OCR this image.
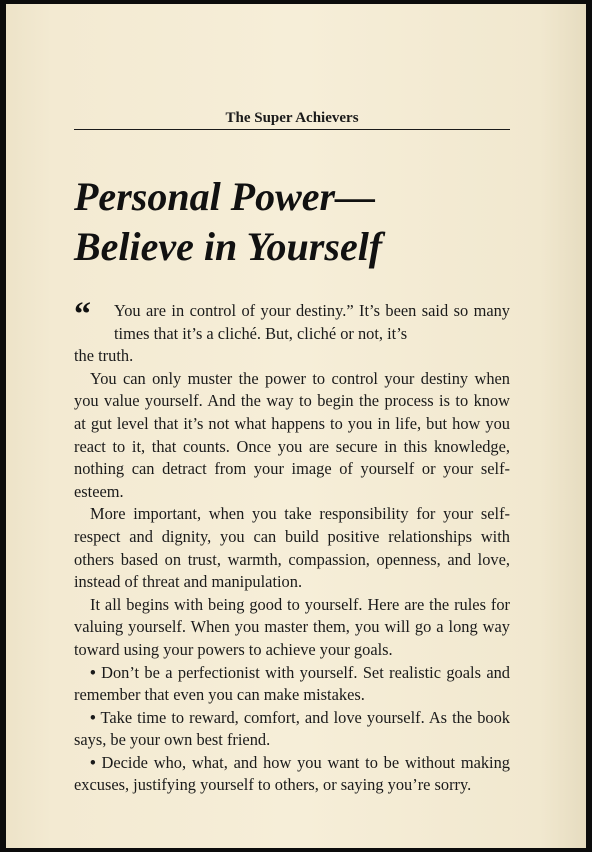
The Super Achievers
Personal Power—
Believe in Yourself

“ You are in control of your destiny.” It’s been said so many times that it’s a cliché. But, cliché or not, it’s
the truth.

You can only muster the power to control your destiny when you value yourself. And the way to begin the process is to know at gut level that it’s not what happens to you in life, but how you react to it, that counts. Once you are secure in this knowledge, nothing can detract from your image of yourself or your self-esteem.

More important, when you take responsibility for your self-respect and dignity, you can build positive relationships with others based on trust, warmth, compassion, openness, and love, instead of threat and manipulation.

It all begins with being good to yourself. Here are the rules for valuing yourself. When you master them, you will go a long way toward using your powers to achieve your goals.

• Don’t be a perfectionist with yourself. Set realistic goals and remember that even you can make mistakes.

• Take time to reward, comfort, and love yourself. As the book says, be your own best friend.

• Decide who, what, and how you want to be without making excuses, justifying yourself to others, or saying you’re sorry.
